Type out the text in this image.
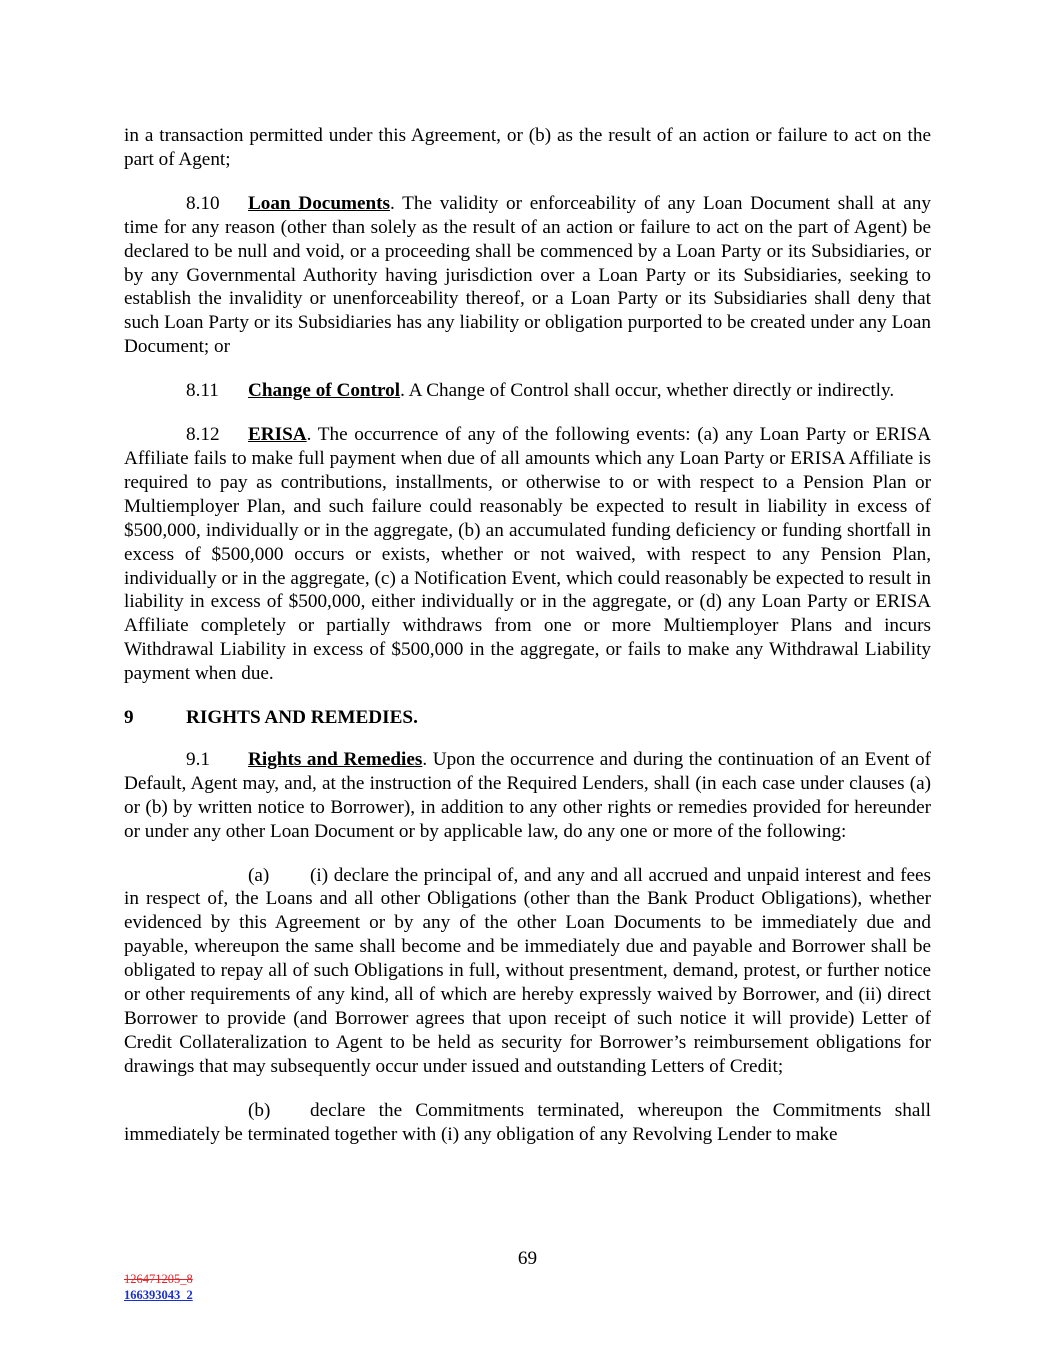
in a transaction permitted under this Agreement, or (b) as the result of an action or failure to act on the part of Agent;

8.10 Loan Documents. The validity or enforceability of any Loan Document shall at any time for any reason (other than solely as the result of an action or failure to act on the part of Agent) be declared to be null and void, or a proceeding shall be commenced by a Loan Party or its Subsidiaries, or by any Governmental Authority having jurisdiction over a Loan Party or its Subsidiaries, seeking to establish the invalidity or unenforceability thereof, or a Loan Party or its Subsidiaries shall deny that such Loan Party or its Subsidiaries has any liability or obligation purported to be created under any Loan Document; or

8.11 Change of Control. A Change of Control shall occur, whether directly or indirectly.

8.12 ERISA. The occurrence of any of the following events: (a) any Loan Party or ERISA Affiliate fails to make full payment when due of all amounts which any Loan Party or ERISA Affiliate is required to pay as contributions, installments, or otherwise to or with respect to a Pension Plan or Multiemployer Plan, and such failure could reasonably be expected to result in liability in excess of $500,000, individually or in the aggregate, (b) an accumulated funding deficiency or funding shortfall in excess of $500,000 occurs or exists, whether or not waived, with respect to any Pension Plan, individually or in the aggregate, (c) a Notification Event, which could reasonably be expected to result in liability in excess of $500,000, either individually or in the aggregate, or (d) any Loan Party or ERISA Affiliate completely or partially withdraws from one or more Multiemployer Plans and incurs Withdrawal Liability in excess of $500,000 in the aggregate, or fails to make any Withdrawal Liability payment when due.

9	RIGHTS AND REMEDIES.

9.1 Rights and Remedies. Upon the occurrence and during the continuation of an Event of Default, Agent may, and, at the instruction of the Required Lenders, shall (in each case under clauses (a) or (b) by written notice to Borrower), in addition to any other rights or remedies provided for hereunder or under any other Loan Document or by applicable law, do any one or more of the following:

(a) (i) declare the principal of, and any and all accrued and unpaid interest and fees in respect of, the Loans and all other Obligations (other than the Bank Product Obligations), whether evidenced by this Agreement or by any of the other Loan Documents to be immediately due and payable, whereupon the same shall become and be immediately due and payable and Borrower shall be obligated to repay all of such Obligations in full, without presentment, demand, protest, or further notice or other requirements of any kind, all of which are hereby expressly waived by Borrower, and (ii) direct Borrower to provide (and Borrower agrees that upon receipt of such notice it will provide) Letter of Credit Collateralization to Agent to be held as security for Borrower’s reimbursement obligations for drawings that may subsequently occur under issued and outstanding Letters of Credit;

(b) declare the Commitments terminated, whereupon the Commitments shall immediately be terminated together with (i) any obligation of any Revolving Lender to make

69
126471205_8
166393043_2
